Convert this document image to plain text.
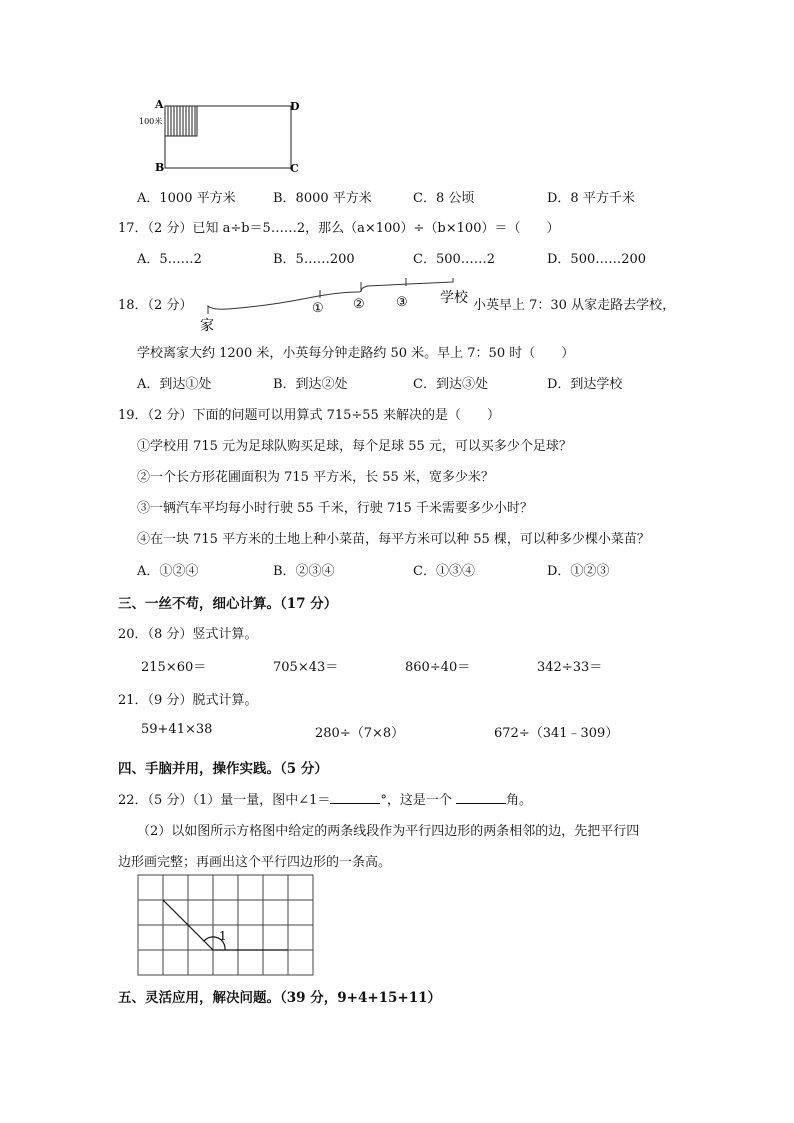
A
B	C
D
100米
A．1000 平方米	B．8000 平方米	C．8 公顷	D．8 平方千米
17．（2 分）已知 a÷b＝5……2，那么（a×100）÷（b×100）＝（　　）
A．5……2	B．5……200	C．500……2	D．500……200
18．（2 分）
家
学校
① ② ③	小英早上 7：30 从家走路去学校，
学校离家大约 1200 米，小英每分钟走路约 50 米。早上 7：50 时（　　）
A．到达①处	B．到达②处	C．到达③处	D．到达学校
19．（2 分）下面的问题可以用算式 715÷55 来解决的是（　　）
①学校用 715 元为足球队购买足球，每个足球 55 元，可以买多少个足球？
②一个长方形花圃面积为 715 平方米，长 55 米，宽多少米？
③一辆汽车平均每小时行驶 55 千米，行驶 715 千米需要多少小时？
④在一块 715 平方米的土地上种小菜苗，每平方米可以种 55 棵，可以种多少棵小菜苗？
A．①②④	B．②③④	C．①③④	D．①②③
三、一丝不苟，细心计算。（17 分）
20．（8 分）竖式计算。
215×60＝	705×43＝	860÷40＝	342÷33＝
21．（9 分）脱式计算。
59+41×38	280÷（7×8）	672÷（341﹣309）
四、手脑并用，操作实践。（5 分）
22．（5 分）（1）量一量，图中∠1＝	°，这是一个	角。
（2）以如图所示方格图中给定的两条线段作为平行四边形的两条相邻的边，先把平行四
边形画完整；再画出这个平行四边形的一条高。
1
五、灵活应用，解决问题。（39 分，9+4+15+11）
